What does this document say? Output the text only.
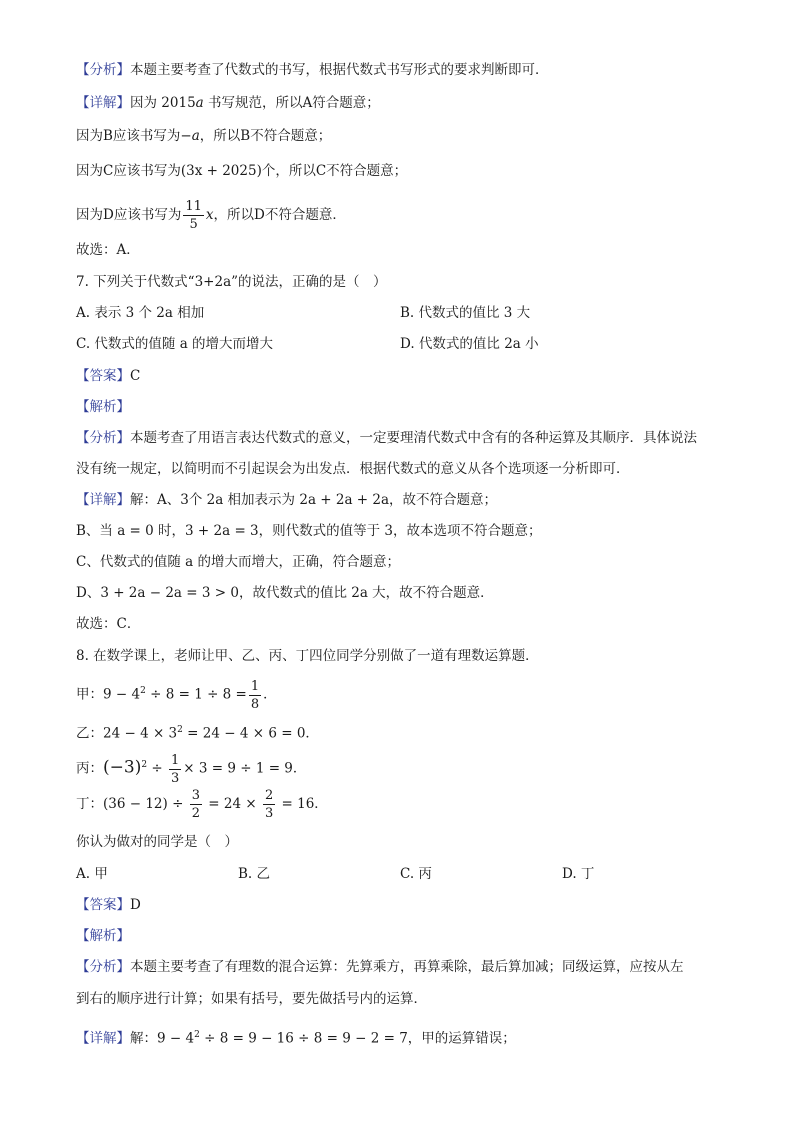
【分析】本题主要考查了代数式的书写，根据代数式书写形式的要求判断即可．
【详解】因为 2015a 书写规范，所以A符合题意；
因为B应该书写为−a，所以B不符合题意；
因为C应该书写为(3x + 2025)个，所以C不符合题意；
因为D应该书写为 $\frac{11}{5}$ x，所以D不符合题意．
故选：A．
7. 下列关于代数式“3+2a”的说法，正确的是（　）
A. 表示 3 个 2a 相加	B. 代数式的值比 3 大
C. 代数式的值随 a 的增大而增大	D. 代数式的值比 2a 小
【答案】C
【解析】
【分析】本题考查了用语言表达代数式的意义，一定要理清代数式中含有的各种运算及其顺序．具体说法
没有统一规定，以简明而不引起误会为出发点．根据代数式的意义从各个选项逐一分析即可．
【详解】解：A、3个 2a 相加表示为 2a + 2a + 2a，故不符合题意；
B、当 a = 0 时，3 + 2a = 3，则代数式的值等于 3，故本选项不符合题意；
C、代数式的值随 a 的增大而增大，正确，符合题意；
D、3 + 2a − 2a = 3 > 0，故代数式的值比 2a 大，故不符合题意．
故选：C．
8. 在数学课上，老师让甲、乙、丙、丁四位同学分别做了一道有理数运算题．
甲：$9 - 4^2 \div 8 = 1 \div 8 = \frac{1}{8}$ ．
乙：$24 - 4 \times 3^2 = 24 - 4 \times 6 = 0$．
丙：$(-3)^2 \div \frac{1}{3} \times 3 = 9 \div 1 = 9$．
丁：$(36 - 12) \div \frac{3}{2} = 24 \times \frac{2}{3} = 16$．
你认为做对的同学是（　）
A. 甲	B. 乙	C. 丙	D. 丁
【答案】D
【解析】
【分析】本题主要考查了有理数的混合运算：先算乘方，再算乘除，最后算加减；同级运算，应按从左
到右的顺序进行计算；如果有括号，要先做括号内的运算．
【详解】解：$9 - 4^2 \div 8 = 9 - 16 \div 8 = 9 - 2 = 7$，甲的运算错误；
